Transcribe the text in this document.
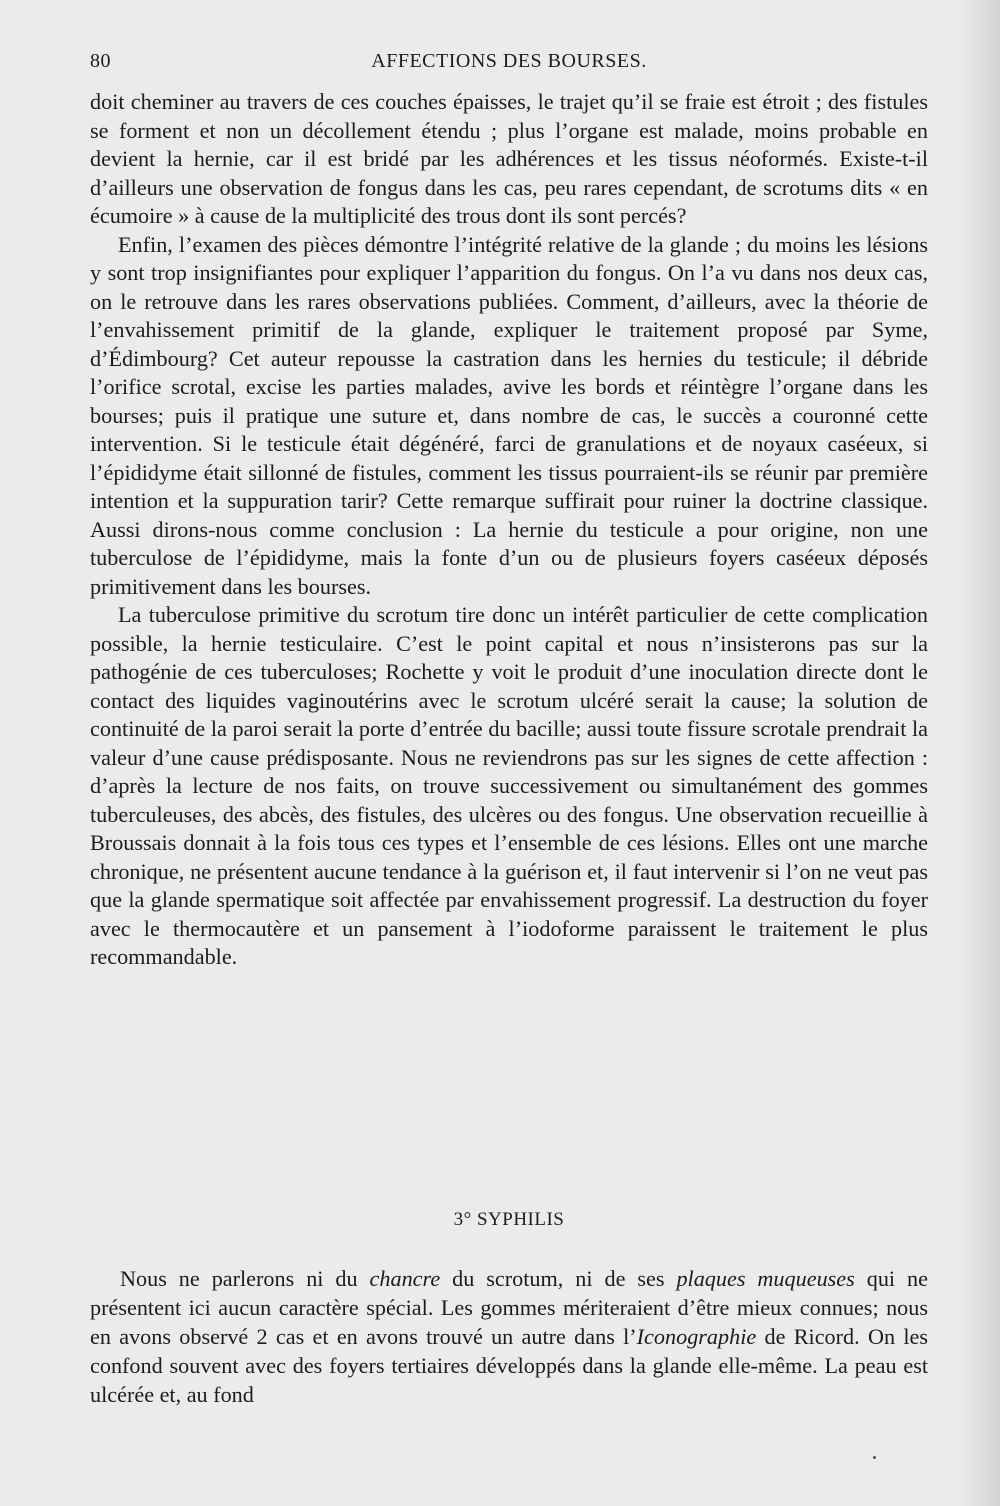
80	AFFECTIONS DES BOURSES.

doit cheminer au travers de ces couches épaisses, le trajet qu’il se fraie est étroit ; des fistules se forment et non un décollement étendu ; plus l’organe est malade, moins probable en devient la hernie, car il est bridé par les adhérences et les tissus néoformés. Existe-t-il d’ailleurs une observation de fongus dans les cas, peu rares cependant, de scrotums dits « en écumoire » à cause de la multiplicité des trous dont ils sont percés?

Enfin, l’examen des pièces démontre l’intégrité relative de la glande ; du moins les lésions y sont trop insignifiantes pour expliquer l’apparition du fongus. On l’a vu dans nos deux cas, on le retrouve dans les rares observations publiées. Comment, d’ailleurs, avec la théorie de l’envahissement primitif de la glande, expliquer le traitement proposé par Syme, d’Édimbourg? Cet auteur repousse la castration dans les hernies du testicule; il débride l’orifice scrotal, excise les parties malades, avive les bords et réintègre l’organe dans les bourses; puis il pratique une suture et, dans nombre de cas, le succès a couronné cette intervention. Si le testicule était dégénéré, farci de granulations et de noyaux caséeux, si l’épididyme était sillonné de fistules, comment les tissus pourraient-ils se réunir par première intention et la suppuration tarir? Cette remarque suffirait pour ruiner la doctrine classique. Aussi dirons-nous comme conclusion : La hernie du testicule a pour origine, non une tuberculose de l’épididyme, mais la fonte d’un ou de plusieurs foyers caséeux déposés primitivement dans les bourses.

La tuberculose primitive du scrotum tire donc un intérêt particulier de cette complication possible, la hernie testiculaire. C’est le point capital et nous n’insisterons pas sur la pathogénie de ces tuberculoses; Rochette y voit le produit d’une inoculation directe dont le contact des liquides vaginoutérins avec le scrotum ulcéré serait la cause; la solution de continuité de la paroi serait la porte d’entrée du bacille; aussi toute fissure scrotale prendrait la valeur d’une cause prédisposante. Nous ne reviendrons pas sur les signes de cette affection : d’après la lecture de nos faits, on trouve successivement ou simultanément des gommes tuberculeuses, des abcès, des fistules, des ulcères ou des fongus. Une observation recueillie à Broussais donnait à la fois tous ces types et l’ensemble de ces lésions. Elles ont une marche chronique, ne présentent aucune tendance à la guérison et, il faut intervenir si l’on ne veut pas que la glande spermatique soit affectée par envahissement progressif. La destruction du foyer avec le thermocautère et un pansement à l’iodoforme paraissent le traitement le plus recommandable.

3° SYPHILIS

Nous ne parlerons ni du chancre du scrotum, ni de ses plaques muqueuses qui ne présentent ici aucun caractère spécial. Les gommes mériteraient d’être mieux connues; nous en avons observé 2 cas et en avons trouvé un autre dans l’Iconographie de Ricord. On les confond souvent avec des foyers tertiaires développés dans la glande elle-même. La peau est ulcérée et, au fond
